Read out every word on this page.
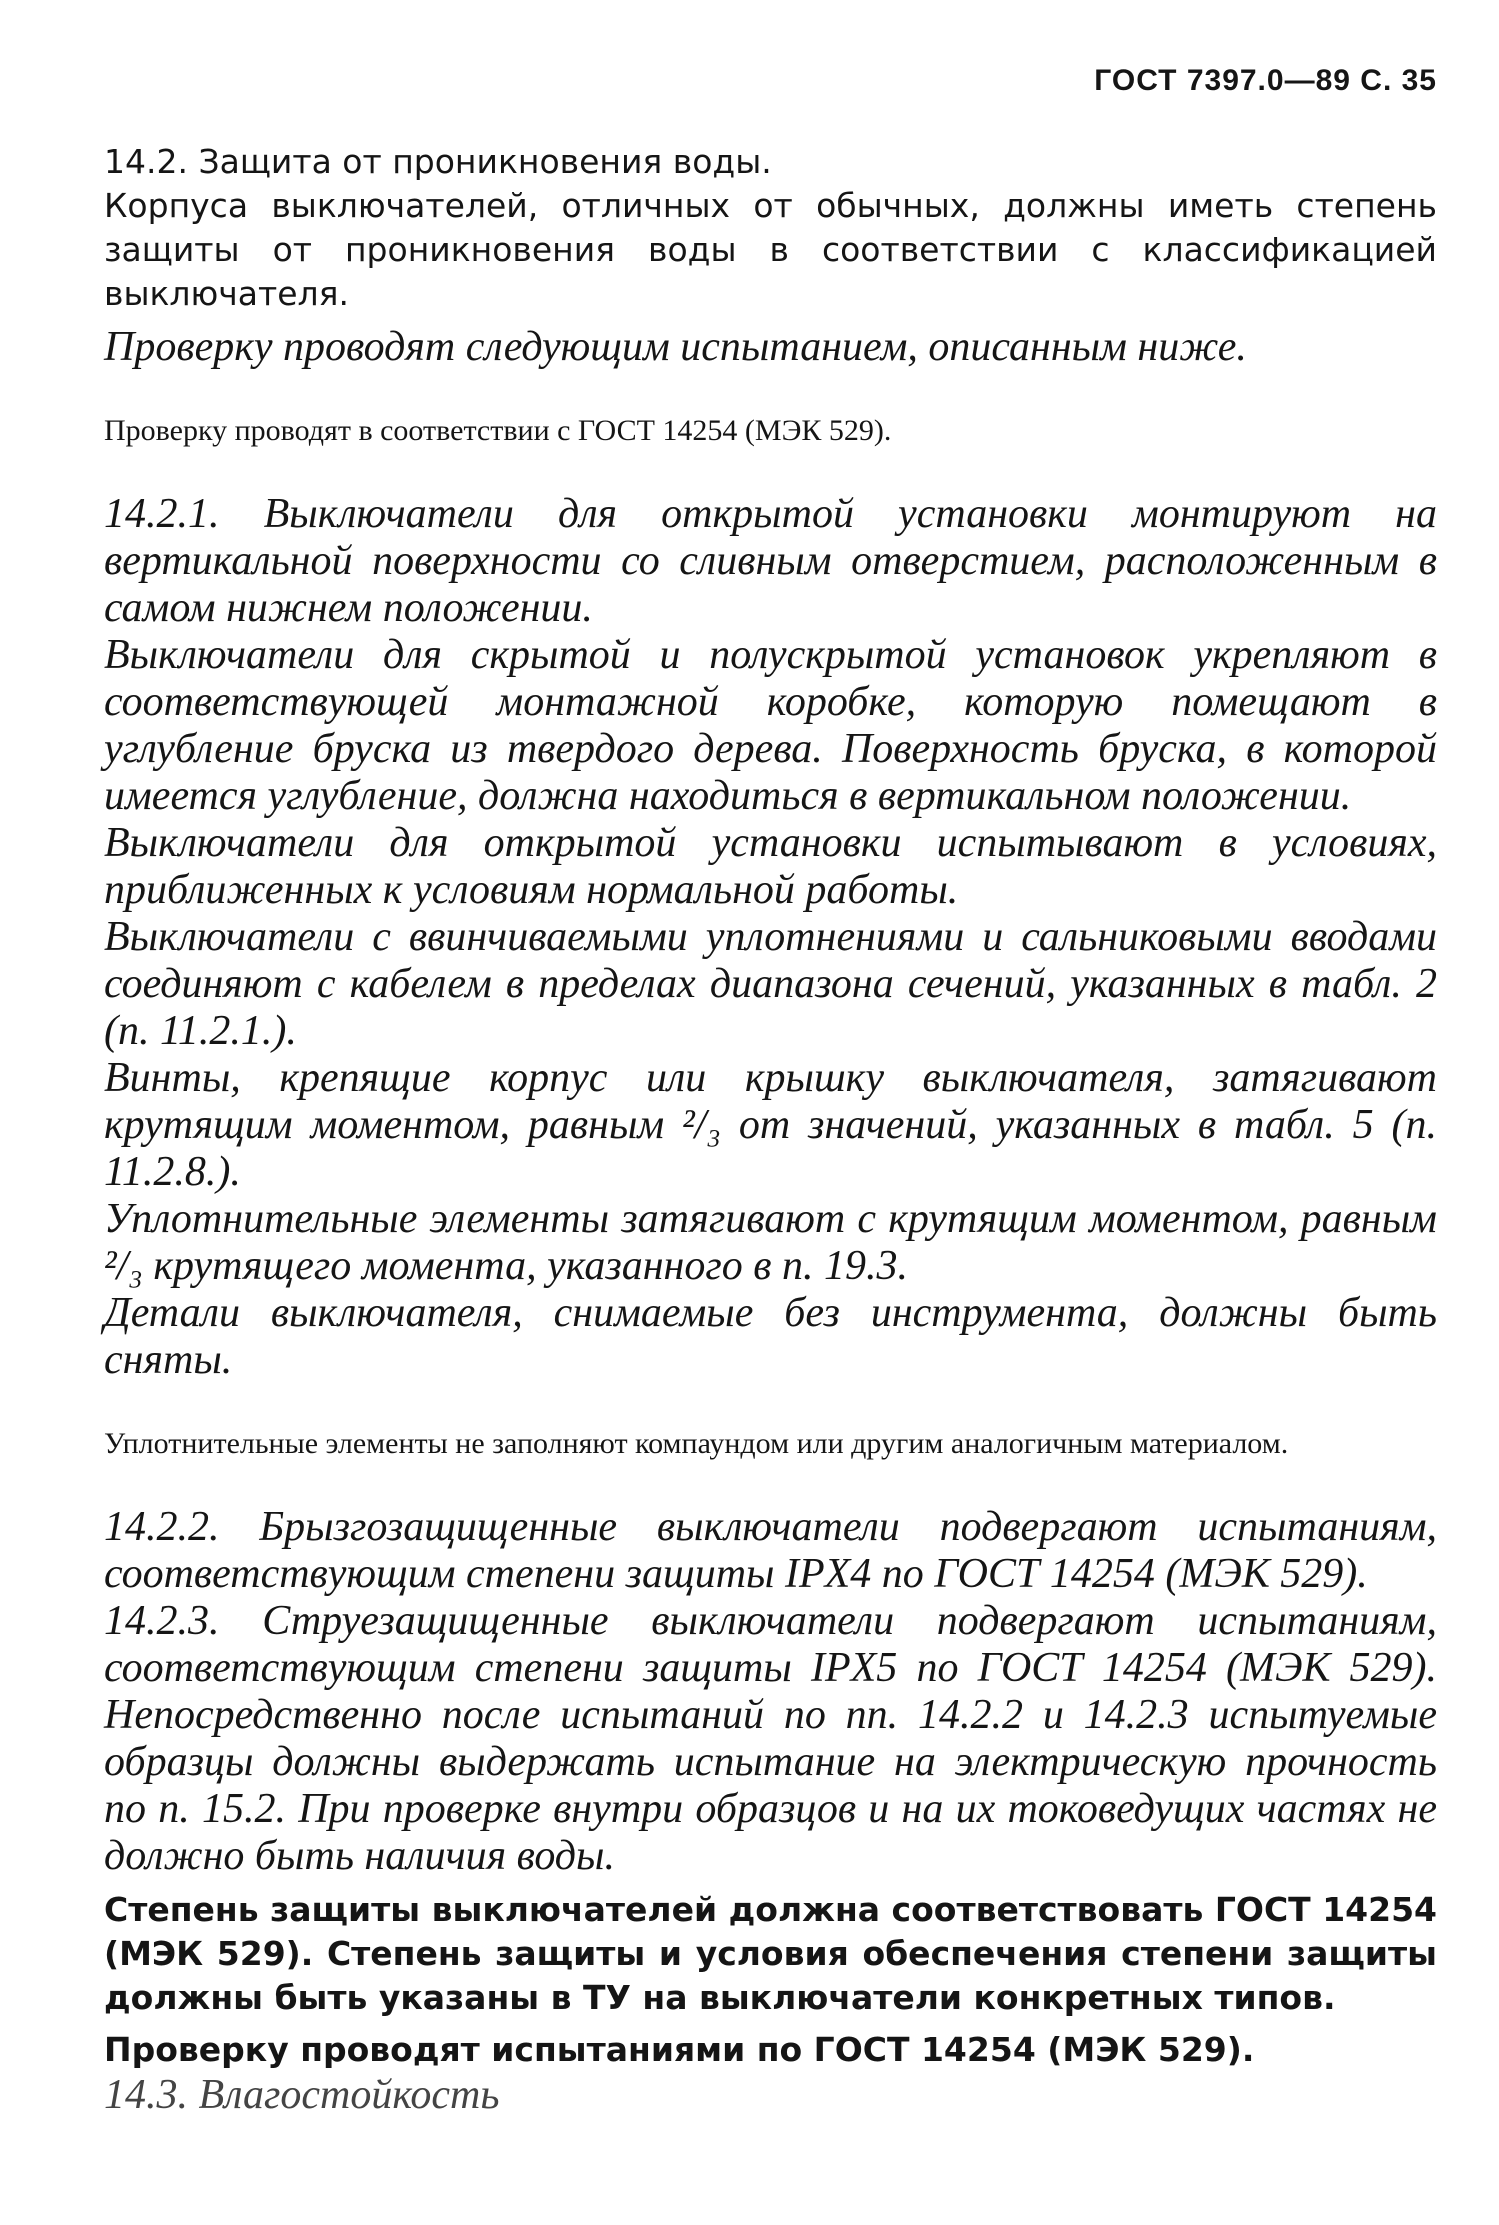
ГОСТ 7397.0—89 С. 35

14.2. Защита от проникновения воды.

Корпуса выключателей, отличных от обычных, должны иметь степень защиты от проникновения воды в соответствии с классификацией выключателя.

Проверку проводят следующим испытанием, описанным ниже.

Проверку проводят в соответствии с ГОСТ 14254 (МЭК 529).

14.2.1. Выключатели для открытой установки монтируют на вертикальной поверхности со сливным отверстием, расположенным в самом нижнем положении.

Выключатели для скрытой и полускрытой установок укрепляют в соответствующей монтажной коробке, которую помещают в углубление бруска из твердого дерева. Поверхность бруска, в которой имеется углубление, должна находиться в вертикальном положении.

Выключатели для открытой установки испытывают в условиях, приближенных к условиям нормальной работы.

Выключатели с ввинчиваемыми уплотнениями и сальниковыми вводами соединяют с кабелем в пределах диапазона сечений, указанных в табл. 2 (п. 11.2.1.).

Винты, крепящие корпус или крышку выключателя, затягивают крутящим моментом, равным ²/₃ от значений, указанных в табл. 5 (п. 11.2.8.).

Уплотнительные элементы затягивают с крутящим моментом, равным ²/₃ крутящего момента, указанного в п. 19.3.

Детали выключателя, снимаемые без инструмента, должны быть сняты.

Уплотнительные элементы не заполняют компаундом или другим аналогичным материалом.

14.2.2. Брызгозащищенные выключатели подвергают испытаниям, соответствующим степени защиты IPX4 по ГОСТ 14254 (МЭК 529).

14.2.3. Струезащищенные выключатели подвергают испытаниям, соответствующим степени защиты IPX5 по ГОСТ 14254 (МЭК 529). Непосредственно после испытаний по пп. 14.2.2 и 14.2.3 испытуемые образцы должны выдержать испытание на электрическую прочность по п. 15.2. При проверке внутри образцов и на их токоведущих частях не должно быть наличия воды.

Степень защиты выключателей должна соответствовать ГОСТ 14254 (МЭК 529). Степень защиты и условия обеспечения степени защиты должны быть указаны в ТУ на выключатели конкретных типов.

Проверку проводят испытаниями по ГОСТ 14254 (МЭК 529).

14.3. Влагостойкость
